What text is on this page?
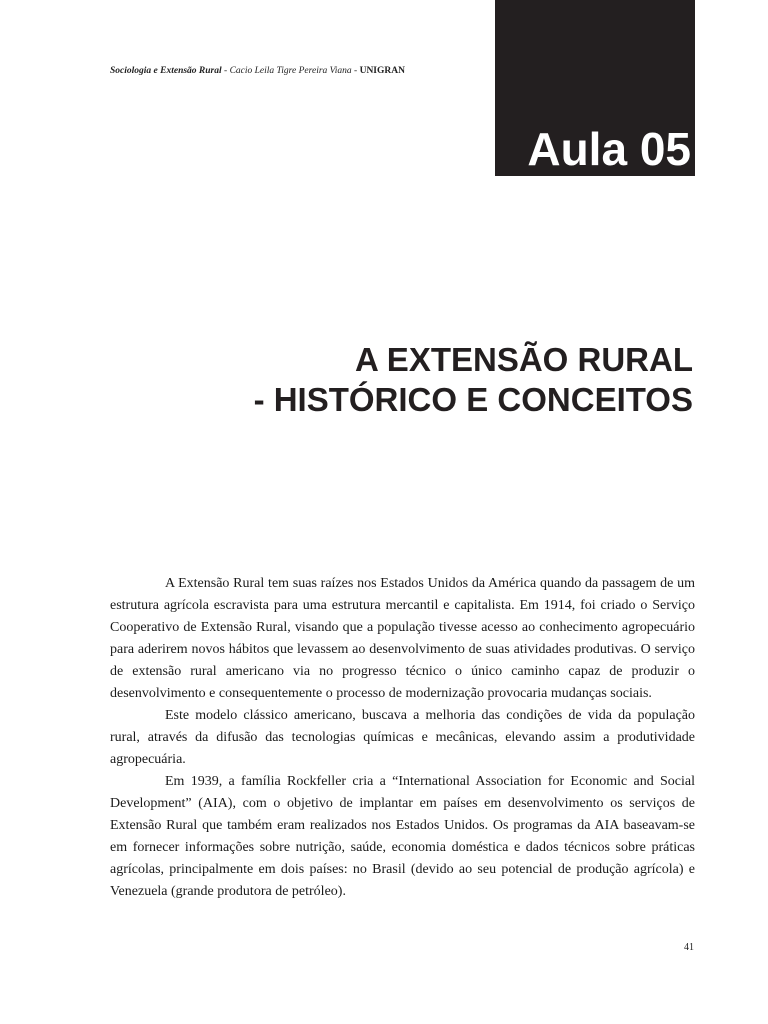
Sociologia e Extensão Rural - Cacio Leila Tigre Pereira Viana - UNIGRAN
Aula 05
A EXTENSÃO RURAL
- HISTÓRICO E CONCEITOS

A Extensão Rural tem suas raízes nos Estados Unidos da América quando da passagem de um estrutura agrícola escravista para uma estrutura mercantil e capitalista. Em 1914, foi criado o Serviço Cooperativo de Extensão Rural, visando que a população tivesse acesso ao conhecimento agropecuário para aderirem novos hábitos que levassem ao desenvolvimento de suas atividades produtivas. O serviço de extensão rural americano via no progresso técnico o único caminho capaz de produzir o desenvolvimento e consequentemente o processo de modernização provocaria mudanças sociais.

Este modelo clássico americano, buscava a melhoria das condições de vida da população rural, através da difusão das tecnologias químicas e mecânicas, elevando assim a produtividade agropecuária.

Em 1939, a família Rockfeller cria a “International Association for Economic and Social Development” (AIA), com o objetivo de implantar em países em desenvolvimento os serviços de Extensão Rural que também eram realizados nos Estados Unidos. Os programas da AIA baseavam-se em fornecer informações sobre nutrição, saúde, economia doméstica e dados técnicos sobre práticas agrícolas, principalmente em dois países: no Brasil (devido ao seu potencial de produção agrícola) e Venezuela (grande produtora de petróleo).

41
